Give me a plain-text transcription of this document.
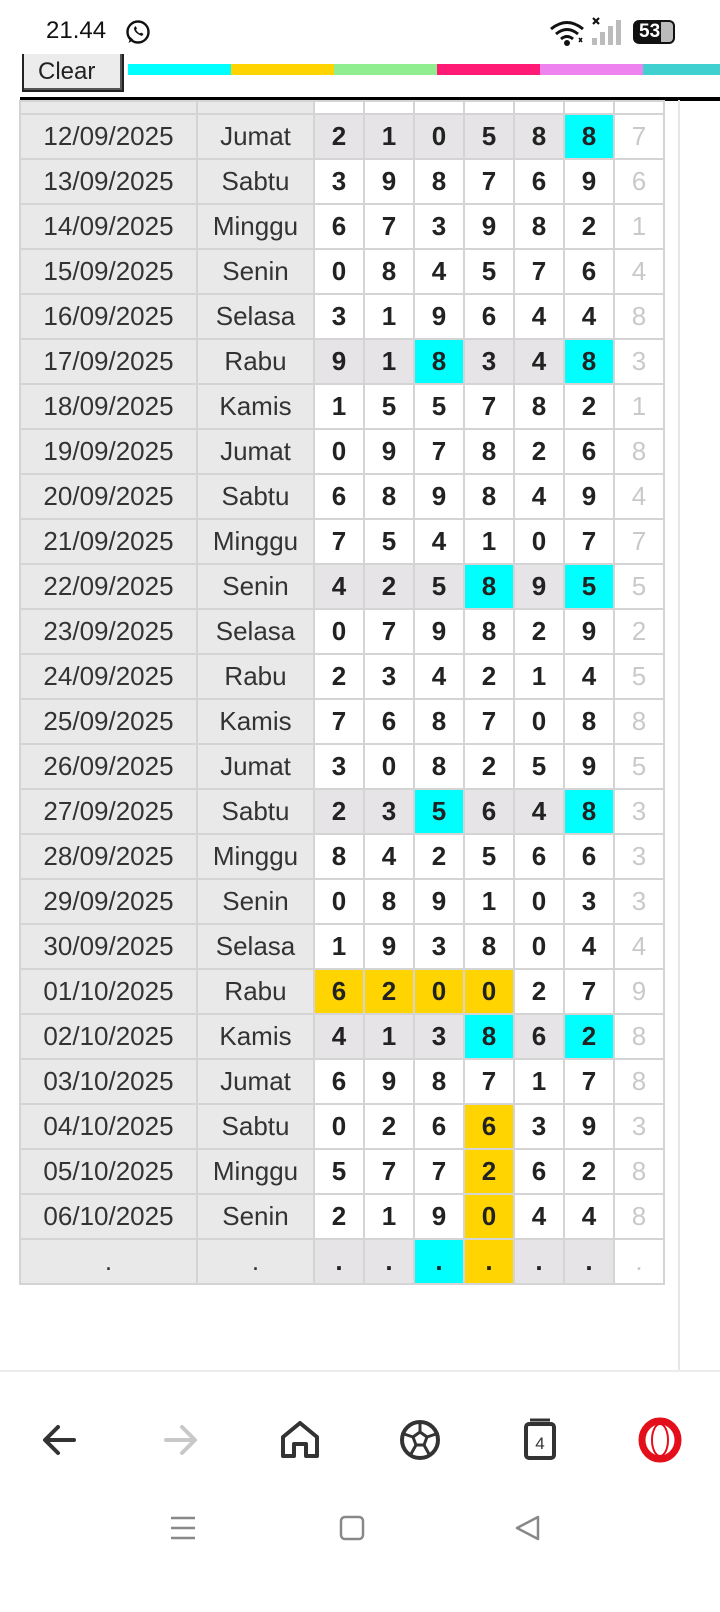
21.44	53
Clear

12/09/2025	Jumat	2	1	0	5	8	8	7
13/09/2025	Sabtu	3	9	8	7	6	9	6
14/09/2025	Minggu	6	7	3	9	8	2	1
15/09/2025	Senin	0	8	4	5	7	6	4
16/09/2025	Selasa	3	1	9	6	4	4	8
17/09/2025	Rabu	9	1	8	3	4	8	3
18/09/2025	Kamis	1	5	5	7	8	2	1
19/09/2025	Jumat	0	9	7	8	2	6	8
20/09/2025	Sabtu	6	8	9	8	4	9	4
21/09/2025	Minggu	7	5	4	1	0	7	7
22/09/2025	Senin	4	2	5	8	9	5	5
23/09/2025	Selasa	0	7	9	8	2	9	2
24/09/2025	Rabu	2	3	4	2	1	4	5
25/09/2025	Kamis	7	6	8	7	0	8	8
26/09/2025	Jumat	3	0	8	2	5	9	5
27/09/2025	Sabtu	2	3	5	6	4	8	3
28/09/2025	Minggu	8	4	2	5	6	6	3
29/09/2025	Senin	0	8	9	1	0	3	3
30/09/2025	Selasa	1	9	3	8	0	4	4
01/10/2025	Rabu	6	2	0	0	2	7	9
02/10/2025	Kamis	4	1	3	8	6	2	8
03/10/2025	Jumat	6	9	8	7	1	7	8
04/10/2025	Sabtu	0	2	6	6	3	9	3
05/10/2025	Minggu	5	7	7	2	6	2	8
06/10/2025	Senin	2	1	9	0	4	4	8
.	.	.	.	.	.	.	.	.
4
